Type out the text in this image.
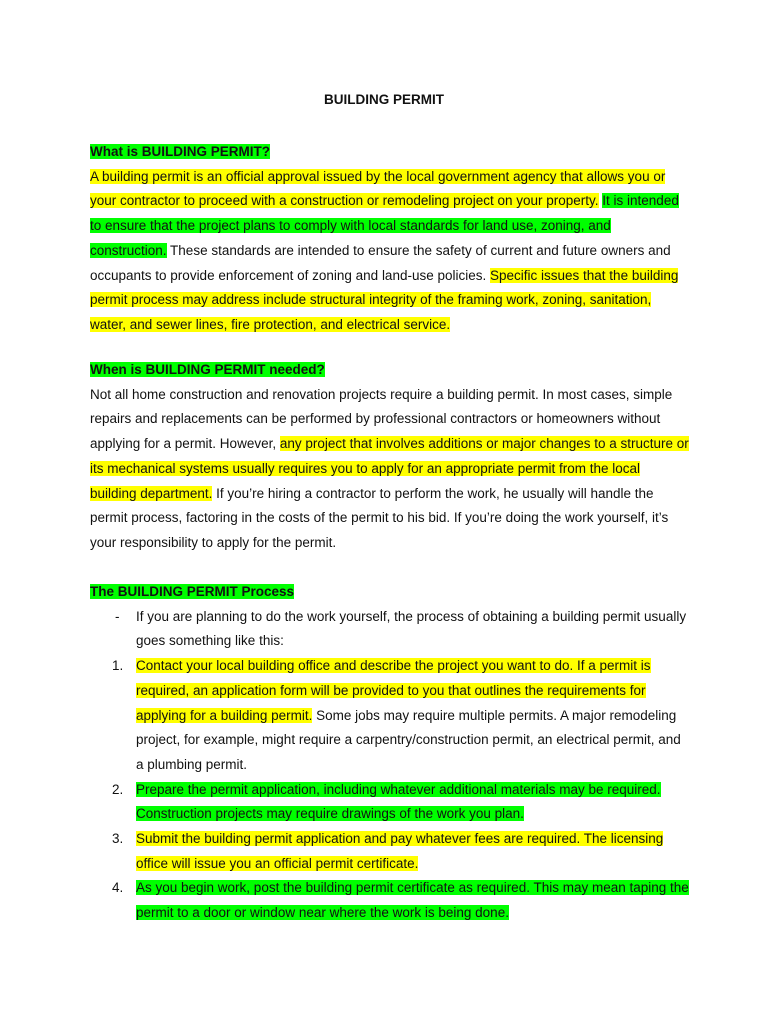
BUILDING PERMIT

What is BUILDING PERMIT?

A building permit is an official approval issued by the local government agency that allows you or your contractor to proceed with a construction or remodeling project on your property. It is intended to ensure that the project plans to comply with local standards for land use, zoning, and construction. These standards are intended to ensure the safety of current and future owners and occupants to provide enforcement of zoning and land-use policies. Specific issues that the building permit process may address include structural integrity of the framing work, zoning, sanitation, water, and sewer lines, fire protection, and electrical service.

When is BUILDING PERMIT needed?

Not all home construction and renovation projects require a building permit. In most cases, simple repairs and replacements can be performed by professional contractors or homeowners without applying for a permit. However, any project that involves additions or major changes to a structure or its mechanical systems usually requires you to apply for an appropriate permit from the local building department. If you’re hiring a contractor to perform the work, he usually will handle the permit process, factoring in the costs of the permit to his bid. If you’re doing the work yourself, it’s your responsibility to apply for the permit.

The BUILDING PERMIT Process

- If you are planning to do the work yourself, the process of obtaining a building permit usually goes something like this:
1. Contact your local building office and describe the project you want to do. If a permit is required, an application form will be provided to you that outlines the requirements for applying for a building permit. Some jobs may require multiple permits. A major remodeling project, for example, might require a carpentry/construction permit, an electrical permit, and a plumbing permit.
2. Prepare the permit application, including whatever additional materials may be required. Construction projects may require drawings of the work you plan.
3. Submit the building permit application and pay whatever fees are required. The licensing office will issue you an official permit certificate.
4. As you begin work, post the building permit certificate as required. This may mean taping the permit to a door or window near where the work is being done.
